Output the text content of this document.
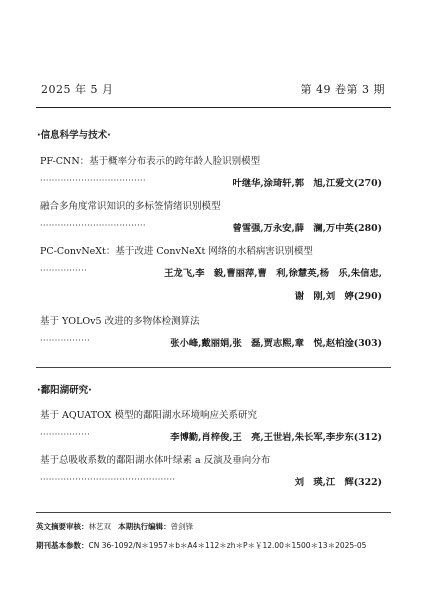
2025 年 5 月	第 49 卷第 3 期
·信息科学与技术·
PF-CNN：基于概率分布表示的跨年龄人脸识别模型
····································	叶继华,涂琦轩,郭　旭,江爱文(270)
融合多角度常识知识的多标签情绪识别模型
····································	曾雪强,万永安,薛　澜,万中英(280)
PC-ConvNeXt：基于改进 ConvNeXt 网络的水稻病害识别模型
················	王龙飞,李　毅,曹丽萍,曹　利,徐慧英,杨　乐,朱信忠,
谢　刚,刘　婷(290)
基于 YOLOv5 改进的多物体检测算法
·················	张小峰,戴丽娟,张　磊,贾志熙,章　悦,赵柏淦(303)
·鄱阳湖研究·
基于 AQUATOX 模型的鄱阳湖水环境响应关系研究
·················	李博勤,肖梓俊,王　亮,王世岩,朱长军,李步东(312)
基于总吸收系数的鄱阳湖水体叶绿素 a 反演及垂向分布
··············································	刘　瑛,江　辉(322)
英文摘要审核：林艺双 本期执行编辑：曾剑锋
期刊基本参数：CN 36-1092/N＊1957＊b＊A4＊112＊zh＊P＊￥12.00＊1500＊13＊2025-05
